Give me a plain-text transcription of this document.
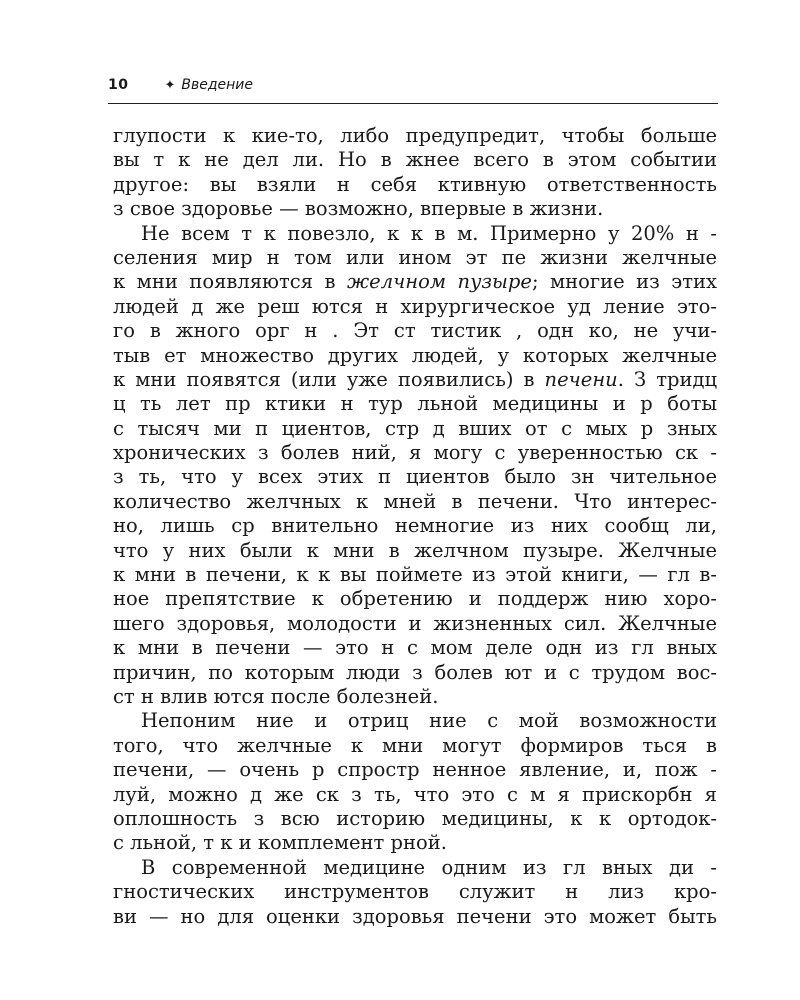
10	✦ Введение
глупости к кие-то, либо предупредит, чтобы больше
вы т к не дел ли. Но в жнее всего в этом событии
другое: вы взяли н себя ктивную ответственность
з свое здоровье — возможно, впервые в жизни.
Не всем т к повезло, к к в м. Примерно у 20% н -
селения мир н том или ином эт пе жизни желчные
к мни появляются в желчном пузыре; многие из этих
людей д же реш ются н хирургическое уд ление это-
го в жного орг н . Эт ст тистик , одн ко, не учи-
тыв ет множество других людей, у которых желчные
к мни появятся (или уже появились) в печени. З тридц
ц ть лет пр ктики н тур льной медицины и р боты
с тысяч ми п циентов, стр д вших от с мых р зных
хронических з болев ний, я могу с уверенностью ск -
з ть, что у всех этих п циентов было зн чительное
количество желчных к мней в печени. Что интерес-
но, лишь ср внительно немногие из них сообщ ли,
что у них были к мни в желчном пузыре. Желчные
к мни в печени, к к вы поймете из этой книги, — гл в-
ное препятствие к обретению и поддерж нию хоро-
шего здоровья, молодости и жизненных сил. Желчные
к мни в печени — это н с мом деле одн из гл вных
причин, по которым люди з болев ют и с трудом вос-
ст н влив ются после болезней.
Непоним ние и отриц ние с мой возможности
того, что желчные к мни могут формиров ться в
печени, — очень р спростр ненное явление, и, пож -
луй, можно д же ск з ть, что это с м я прискорбн я
оплошность з всю историю медицины, к к ортодок-
с льной, т к и комплемент рной.
В современной медицине одним из гл вных ди -
гностических инструментов служит н лиз кро-
ви — но для оценки здоровья печени это может быть
